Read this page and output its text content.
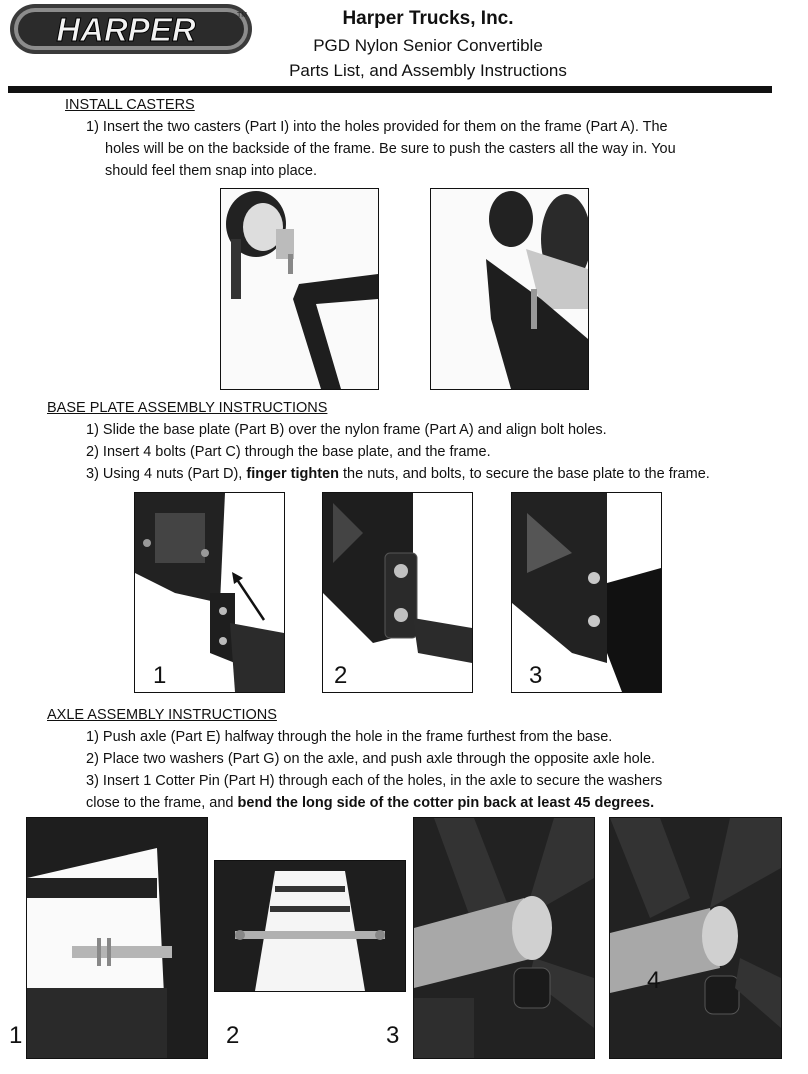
HARPER	TM	Harper Trucks, Inc.
PGD Nylon Senior Convertible
Parts List, and Assembly Instructions
INSTALL CASTERS
1) Insert the two casters (Part I) into the holes provided for them on the frame (Part A). The
holes will be on the backside of the frame. Be sure to push the casters all the way in. You
should feel them snap into place.
BASE PLATE ASSEMBLY INSTRUCTIONS
1) Slide the base plate (Part B) over the nylon frame (Part A) and align bolt holes.
2) Insert 4 bolts (Part C) through the base plate, and the frame.
3) Using 4 nuts (Part D), finger tighten the nuts, and bolts, to secure the base plate to the frame.
1	2	3
AXLE ASSEMBLY INSTRUCTIONS
1) Push axle (Part E) halfway through the hole in the frame furthest from the base.
2) Place two washers (Part G) on the axle, and push axle through the opposite axle hole.
3) Insert 1 Cotter Pin (Part H) through each of the holes, in the axle to secure the washers
close to the frame, and bend the long side of the cotter pin back at least 45 degrees.
1	2	3
4
